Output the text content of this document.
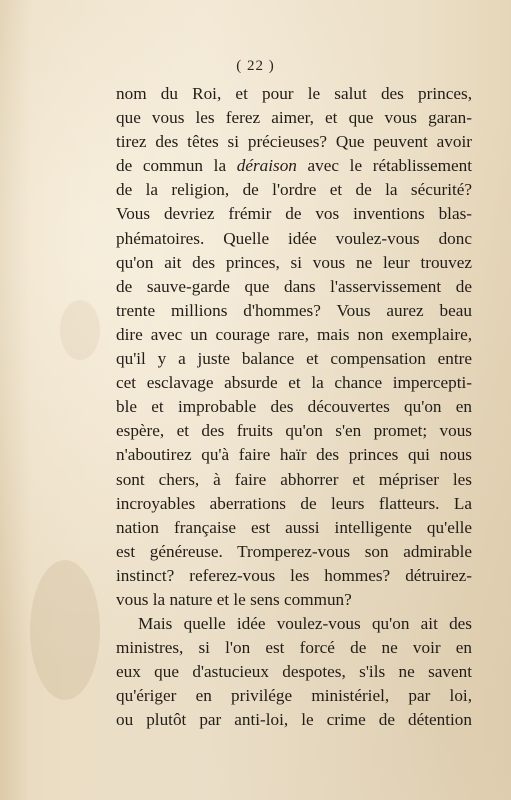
( 22 )
nom du Roi, et pour le salut des princes,
que vous les ferez aimer, et que vous garan-
tirez des têtes si précieuses? Que peuvent avoir
de commun la déraison avec le rétablissement
de la religion, de l'ordre et de la sécurité?
Vous devriez frémir de vos inventions blas-
phématoires. Quelle idée voulez-vous donc
qu'on ait des princes, si vous ne leur trouvez
de sauve-garde que dans l'asservissement de
trente millions d'hommes? Vous aurez beau
dire avec un courage rare, mais non exemplaire,
qu'il y a juste balance et compensation entre
cet esclavage absurde et la chance impercepti-
ble et improbable des découvertes qu'on en
espère, et des fruits qu'on s'en promet; vous
n'aboutirez qu'à faire haïr des princes qui nous
sont chers, à faire abhorrer et mépriser les
incroyables aberrations de leurs flatteurs. La
nation française est aussi intelligente qu'elle
est généreuse. Tromperez-vous son admirable
instinct? referez-vous les hommes? détruirez-
vous la nature et le sens commun?
Mais quelle idée voulez-vous qu'on ait des
ministres, si l'on est forcé de ne voir en
eux que d'astucieux despotes, s'ils ne savent
qu'ériger en privilége ministériel, par loi,
ou plutôt par anti-loi, le crime de détention
